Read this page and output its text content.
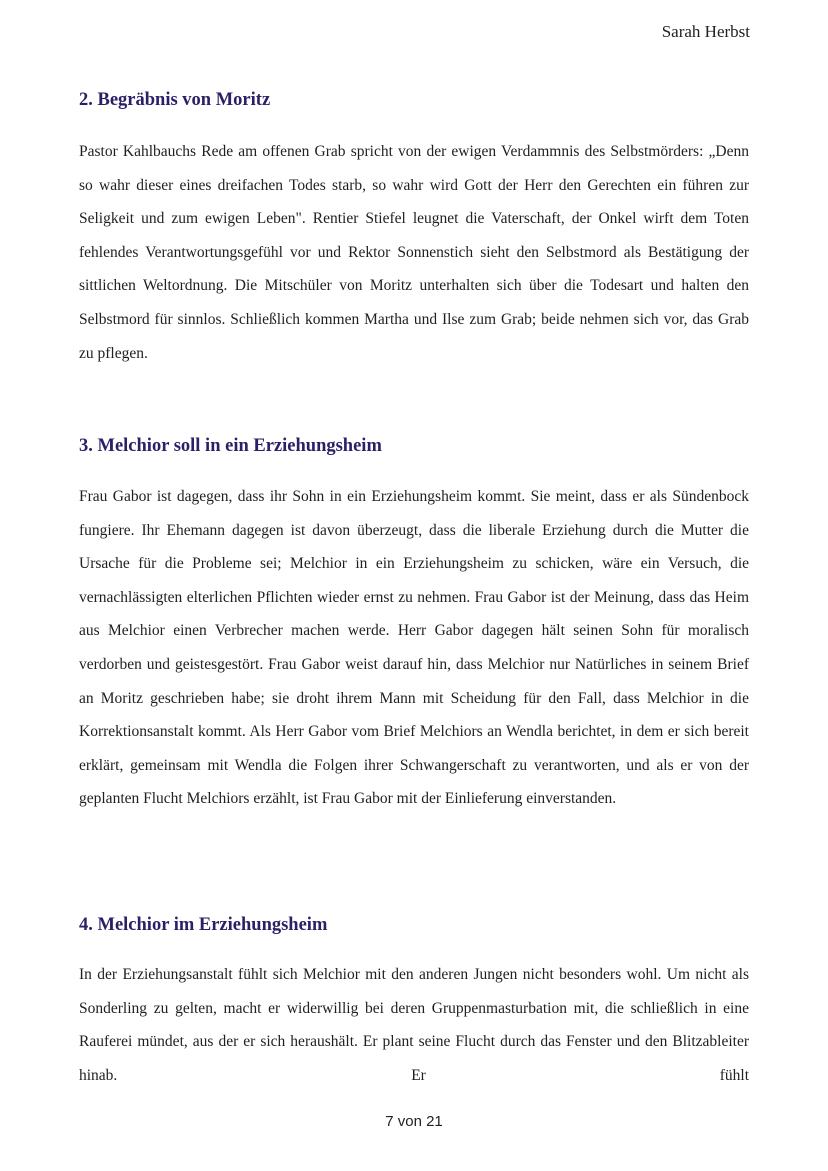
Sarah Herbst
2. Begräbnis von Moritz

Pastor Kahlbauchs Rede am offenen Grab spricht von der ewigen Verdammnis des Selbstmörders: „Denn so wahr dieser eines dreifachen Todes starb, so wahr wird Gott der Herr den Gerechten ein führen zur Seligkeit und zum ewigen Leben". Rentier Stiefel leugnet die Vaterschaft, der Onkel wirft dem Toten fehlendes Verantwortungsgefühl vor und Rektor Sonnenstich sieht den Selbstmord als Bestätigung der sittlichen Weltordnung. Die Mitschüler von Moritz unterhalten sich über die Todesart und halten den Selbstmord für sinnlos. Schließlich kommen Martha und Ilse zum Grab; beide nehmen sich vor, das Grab zu pflegen.

3. Melchior soll in ein Erziehungsheim

Frau Gabor ist dagegen, dass ihr Sohn in ein Erziehungsheim kommt. Sie meint, dass er als Sündenbock fungiere. Ihr Ehemann dagegen ist davon überzeugt, dass die liberale Erziehung durch die Mutter die Ursache für die Probleme sei; Melchior in ein Erziehungsheim zu schicken, wäre ein Versuch, die vernachlässigten elterlichen Pflichten wieder ernst zu nehmen. Frau Gabor ist der Meinung, dass das Heim aus Melchior einen Verbrecher machen werde. Herr Gabor dagegen hält seinen Sohn für moralisch verdorben und geistesgestört. Frau Gabor weist darauf hin, dass Melchior nur Natürliches in seinem Brief an Moritz geschrieben habe; sie droht ihrem Mann mit Scheidung für den Fall, dass Melchior in die Korrektionsanstalt kommt. Als Herr Gabor vom Brief Melchiors an Wendla berichtet, in dem er sich bereit erklärt, gemeinsam mit Wendla die Folgen ihrer Schwangerschaft zu verantworten, und als er von der geplanten Flucht Melchiors erzählt, ist Frau Gabor mit der Einlieferung einverstanden.

4. Melchior im Erziehungsheim

In der Erziehungsanstalt fühlt sich Melchior mit den anderen Jungen nicht besonders wohl. Um nicht als Sonderling zu gelten, macht er widerwillig bei deren Gruppenmasturbation mit, die schließlich in eine Rauferei mündet, aus der er sich heraushält. Er plant seine Flucht durch das Fenster und den Blitzableiter hinab. Er fühlt

7 von 21
